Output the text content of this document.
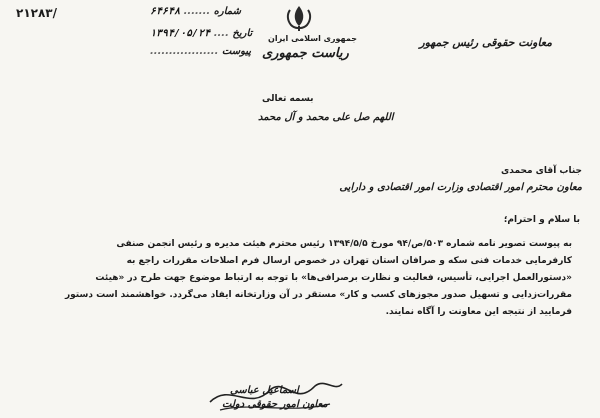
معاونت حقوقی رئیس جمهور
جمهوری اسلامی ایران
ریاست جمهوری
شماره ....... ۶۴۶۴۸
تاریخ .... ۱۳۹۴/۰۵/۲۴
پیوست ..................
۲۱۲۸۳/
بسمه تعالی
اللهم صل علی محمد و آل محمد
جناب آقای محمدی
معاون محترم امور اقتصادی وزارت امور اقتصادی و دارایی
با سلام و احترام؛

به پیوست تصویر نامه شماره ۵۰۳/ص/۹۴ مورخ ۱۳۹۴/۵/۵ رئیس محترم هیئت مدیره و رئیس انجمن صنفی

کارفرمایی خدمات فنی سکه و صرافان استان تهران در خصوص ارسال فرم اصلاحات مقررات راجع به

«دستورالعمل اجرایی، تأسیس، فعالیت و نظارت برصرافی‌ها» با توجه به ارتباط موضوع جهت طرح در «هیئت

مقررات‌زدایی و تسهیل صدور مجوزهای کسب و کار» مستقر در آن وزارتخانه ایفاد می‌گردد. خواهشمند است دستور

فرمایید از نتیجه این معاونت را آگاه نمایند.

اسماعیل عباسی
معاون امور حقوقی دولت
